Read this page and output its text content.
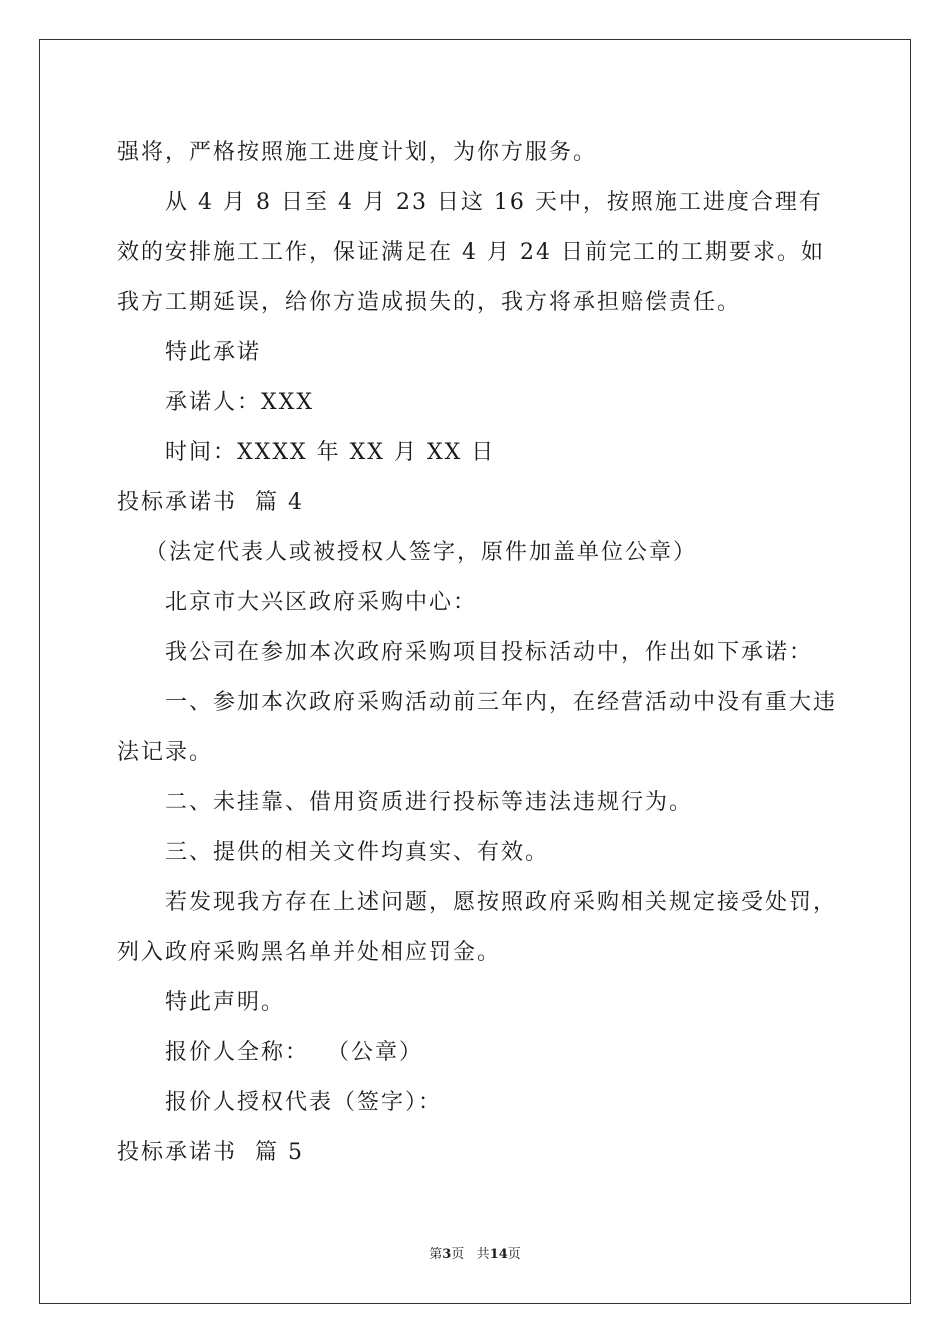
强将，严格按照施工进度计划，为你方服务。

从 4 月 8 日至 4 月 23 日这 16 天中，按照施工进度合理有效的安排施工工作，保证满足在 4 月 24 日前完工的工期要求。如我方工期延误，给你方造成损失的，我方将承担赔偿责任。

特此承诺

承诺人：XXX

时间：XXXX 年 XX 月 XX 日

投标承诺书  篇 4

（法定代表人或被授权人签字，原件加盖单位公章）

北京市大兴区政府采购中心：

我公司在参加本次政府采购项目投标活动中，作出如下承诺：

一、参加本次政府采购活动前三年内，在经营活动中没有重大违法记录。

二、未挂靠、借用资质进行投标等违法违规行为。

三、提供的相关文件均真实、有效。

若发现我方存在上述问题，愿按照政府采购相关规定接受处罚，列入政府采购黑名单并处相应罚金。

特此声明。

报价人全称：  （公章）

报价人授权代表（签字）：

投标承诺书  篇 5

第3页 共14页
